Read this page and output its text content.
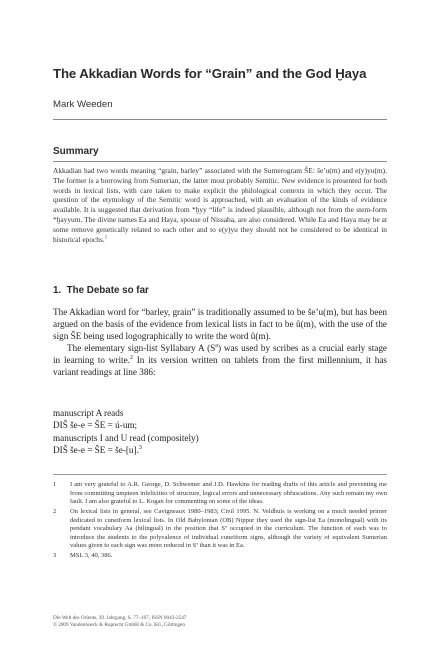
The Akkadian Words for “Grain” and the God Ḫaya
Mark Weeden
Summary

Akkadian had two words meaning “grain, barley” associated with the Sumerogram ŠE: še’u(m) and e(y)yu(m). The former is a borrowing from Sumerian, the latter most probably Semitic. New evidence is presented for both words in lexical lists, with care taken to make explicit the philological contexts in which they occur. The question of the etymology of the Semitic word is approached, with an evaluation of the kinds of evidence available. It is suggested that derivation from *ḫyy “life” is indeed plausible, although not from the stem-form *ḫayyum. The divine names Ea and Haya, spouse of Nissaba, are also considered. While Ea and Haya may be at some remove genetically related to each other and to e(y)yu they should not be considered to be identical in historical epochs.$^1$

1. The Debate so far

The Akkadian word for “barley, grain” is traditionally assumed to be še’u(m), but has been argued on the basis of the evidence from lexical lists in fact to be û(m), with the use of the sign ŠE being used logographically to write the word û(m).

The elementary sign-list Syllabary A $(S^a)$ was used by scribes as a crucial early stage in learning to write.$^2$ In its version written on tablets from the first millennium, it has variant readings at line 386:

manuscript A reads
DIŠ še-e = ŠE = ú-um;
manuscripts I and U read (compositely)
DIŠ še-e = ŠE = še-[u].$^3$
1 I am very grateful to A.R. George, D. Schwemer and J.D. Hawkins for reading drafts of this article and preventing me from committing umpteen infelicities of structure, logical errors and unnecessary obfuscations. Any such remain my own fault. I am also grateful to L. Kogan for commenting on some of the ideas.
2 On lexical lists in general, see Cavigneaux 1980–1983; Civil 1995. N. Veldhuis is working on a much needed primer dedicated to cuneiform lexical lists. In Old Babylonian (OB) Nippur they used the sign-list Ea (monolingual) with its pendant vocabulary Aa (bilingual) in the position that Sª occupied in the curriculum. The function of each was to introduce the students to the polyvalence of individual cuneiform signs, although the variety of equivalent Sumerian values given to each sign was more reduced in Sª than it was in Ea.
3 MSL 3, 40, 386.
Die Welt des Orients, 39. Jahrgang, S. 77–107, ISSN 0043-2547
© 2009 Vandenhoeck & Ruprecht GmbH & Co. KG, Göttingen
